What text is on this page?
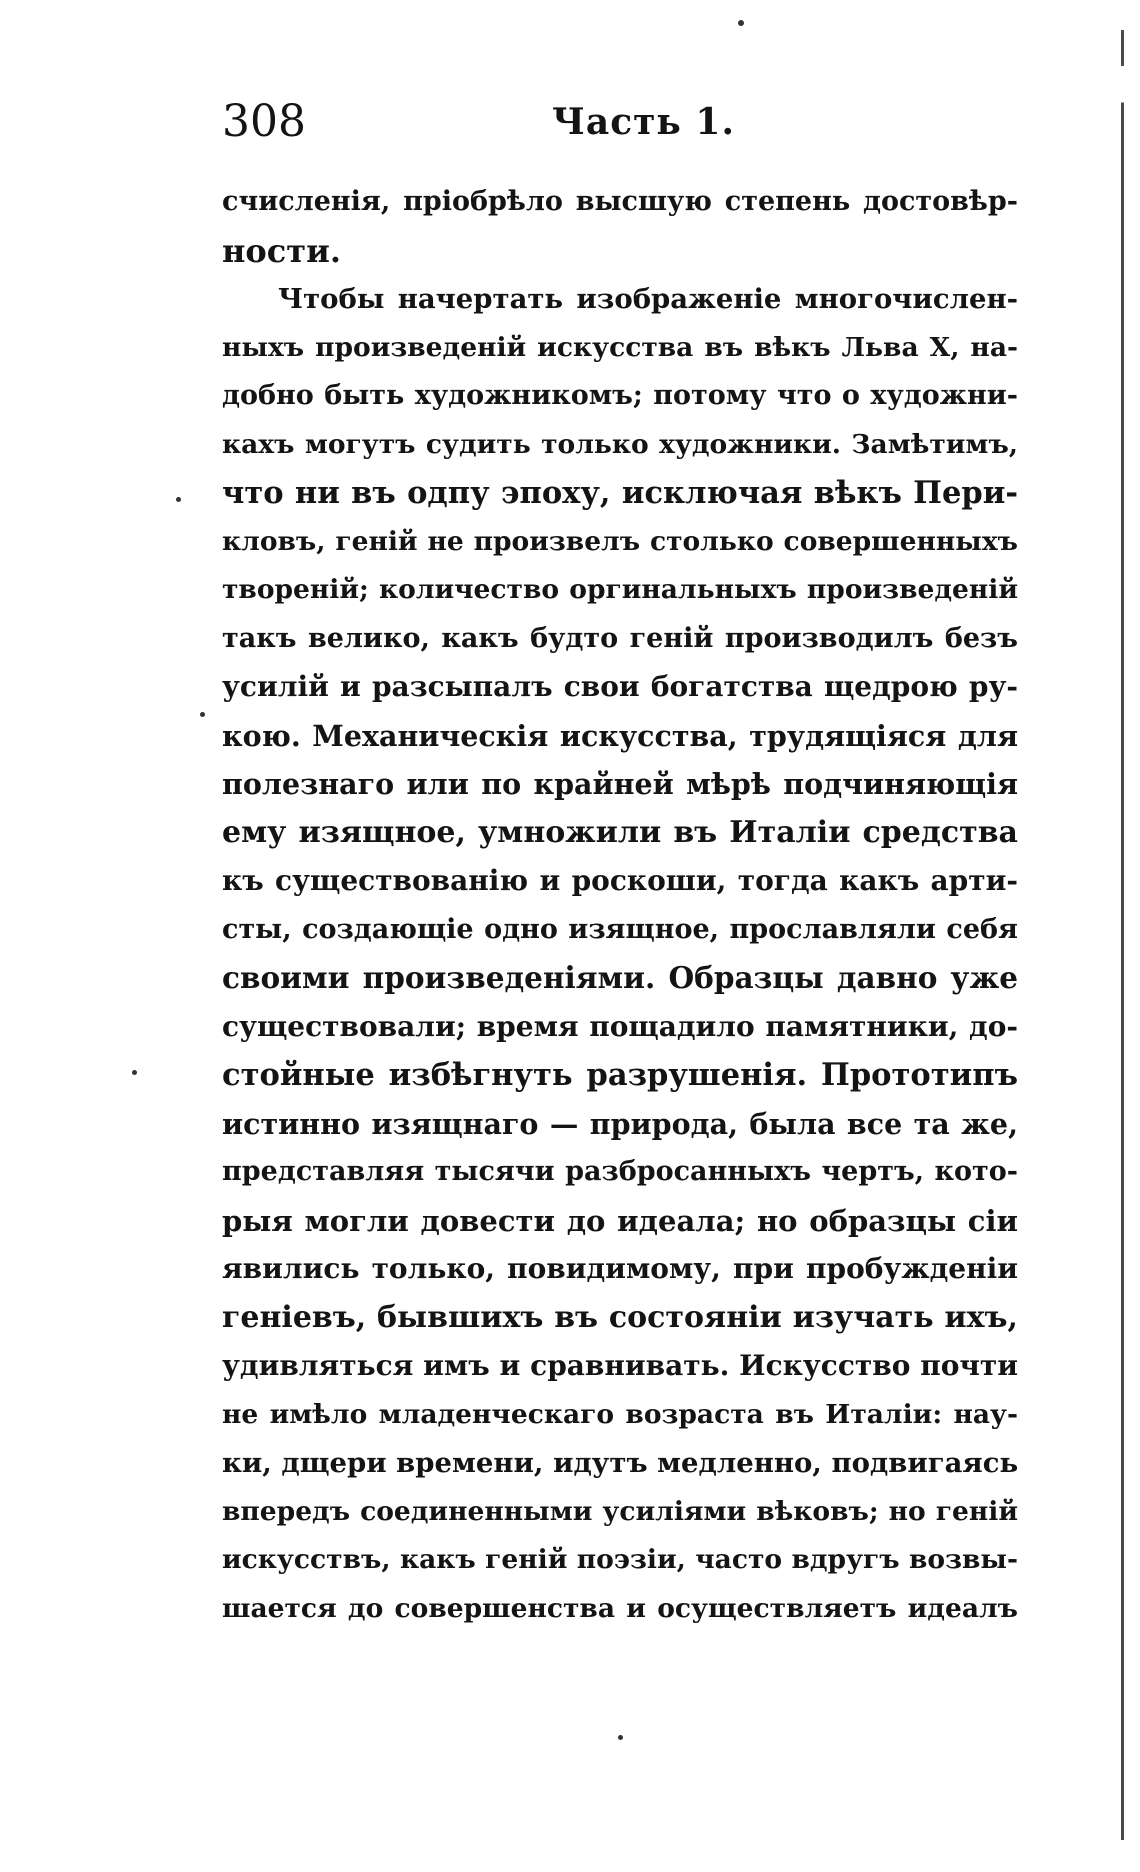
308	Часть 1.
счисленія, пріобрѣло высшую степень достовѣр-
ности.
Чтобы начертать изображеніе многочислен-
ныхъ произведеній искусства въ вѣкъ Льва X, на-
добно быть художникомъ; потому что о художни-
кахъ могутъ судить только художники. Замѣтимъ,
что ни въ одпу эпоху, исключая вѣкъ Пери-
кловъ, геній не произвелъ столько совершенныхъ
твореній; количество оргинальныхъ произведеній
такъ велико, какъ будто геній производилъ безъ
усилій и разсыпалъ свои богатства щедрою ру-
кою. Механическія искусства, трудящіяся для
полезнаго или по крайней мѣрѣ подчиняющія
ему изящное, умножили въ Италіи средства
къ существованію и роскоши, тогда какъ арти-
сты, создающіе одно изящное, прославляли себя
своими произведеніями. Образцы давно уже
существовали; время пощадило памятники, до-
стойные избѣгнуть разрушенія. Прототипъ
истинно изящнаго — природа, была все та же,
представляя тысячи разбросанныхъ чертъ, кото-
рыя могли довести до идеала; но образцы сіи
явились только, повидимому, при пробужденіи
геніевъ, бывшихъ въ состояніи изучать ихъ,
удивляться имъ и сравнивать. Искусство почти
не имѣло младенческаго возраста въ Италіи: нау-
ки, дщери времени, идутъ медленно, подвигаясь
впередъ соединенными усиліями вѣковъ; но геній
искусствъ, какъ геній поэзіи, часто вдругъ возвы-
шается до совершенства и осуществляетъ идеалъ
